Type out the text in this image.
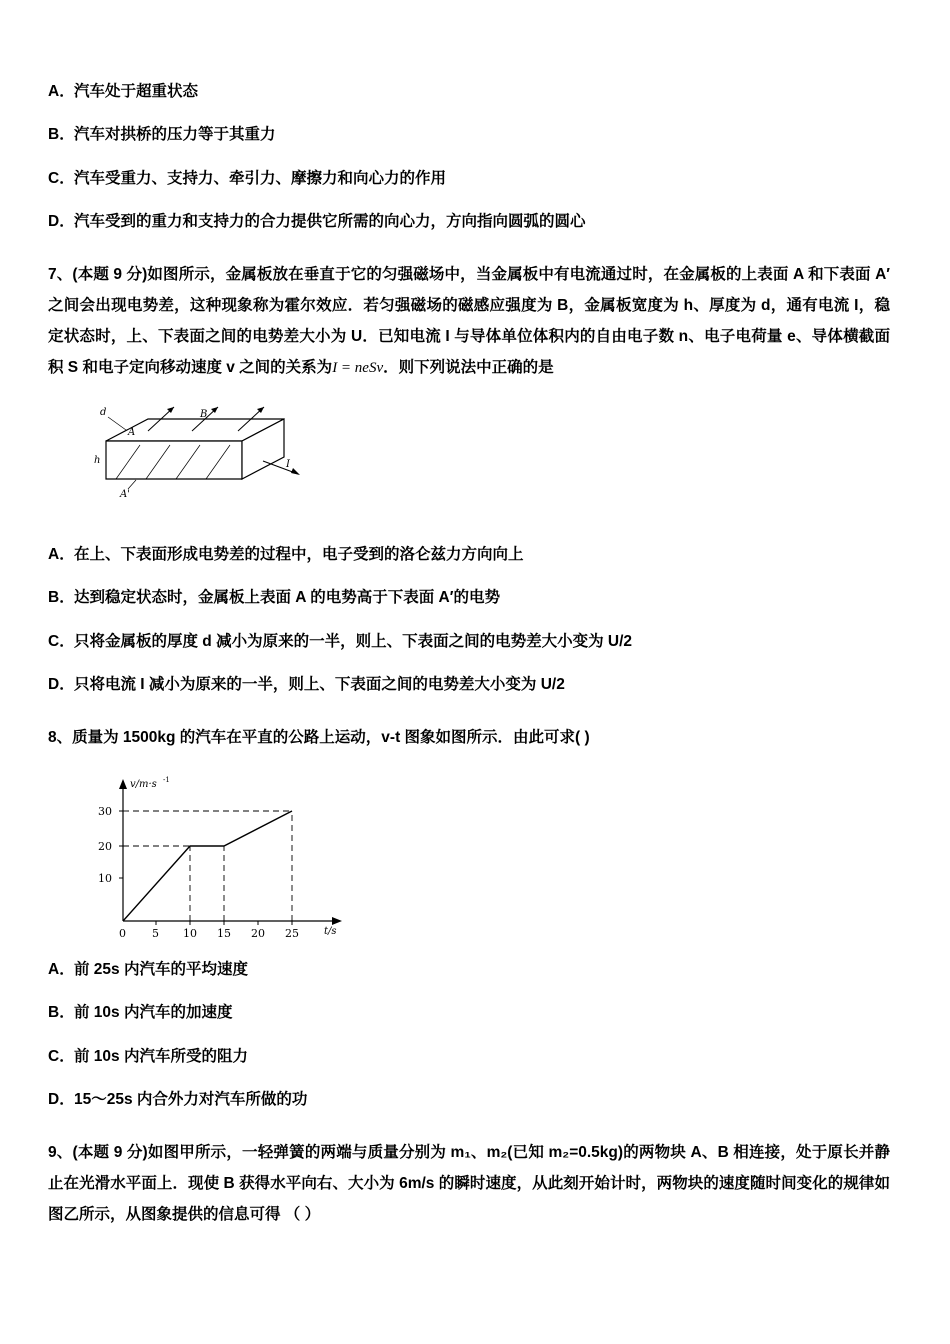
A．汽车处于超重状态

B．汽车对拱桥的压力等于其重力

C．汽车受重力、支持力、牵引力、摩擦力和向心力的作用

D．汽车受到的重力和支持力的合力提供它所需的向心力，方向指向圆弧的圆心

7、(本题 9 分)如图所示，金属板放在垂直于它的匀强磁场中，当金属板中有电流通过时，在金属板的上表面 A 和下表面 A′之间会出现电势差，这种现象称为霍尔效应．若匀强磁场的磁感应强度为 B，金属板宽度为 h、厚度为 d，通有电流 I，稳定状态时，上、下表面之间的电势差大小为 U．已知电流 I 与导体单位体积内的自由电子数 n、电子电荷量 e、导体横截面积 S 和电子定向移动速度 v 之间的关系为I = neSv．则下列说法中正确的是

d
A
B
h	I
A'

A．在上、下表面形成电势差的过程中，电子受到的洛仑兹力方向向上

B．达到稳定状态时，金属板上表面 A 的电势高于下表面 A′的电势

C．只将金属板的厚度 d 减小为原来的一半，则上、下表面之间的电势差大小变为 U/2

D．只将电流 I 减小为原来的一半，则上、下表面之间的电势差大小变为 U/2

8、质量为 1500kg 的汽车在平直的公路上运动，v-t 图象如图所示．由此可求( )

v/m·s -1
t/s
30
20
10
0 5 10 15 20 25

A．前 25s 内汽车的平均速度

B．前 10s 内汽车的加速度

C．前 10s 内汽车所受的阻力

D．15～25s 内合外力对汽车所做的功

9、(本题 9 分)如图甲所示，一轻弹簧的两端与质量分别为 m₁、m₂(已知 m₂=0.5kg)的两物块 A、B 相连接，处于原长并静止在光滑水平面上．现使 B 获得水平向右、大小为 6m/s 的瞬时速度，从此刻开始计时，两物块的速度随时间变化的规律如图乙所示，从图象提供的信息可得 （ ）
